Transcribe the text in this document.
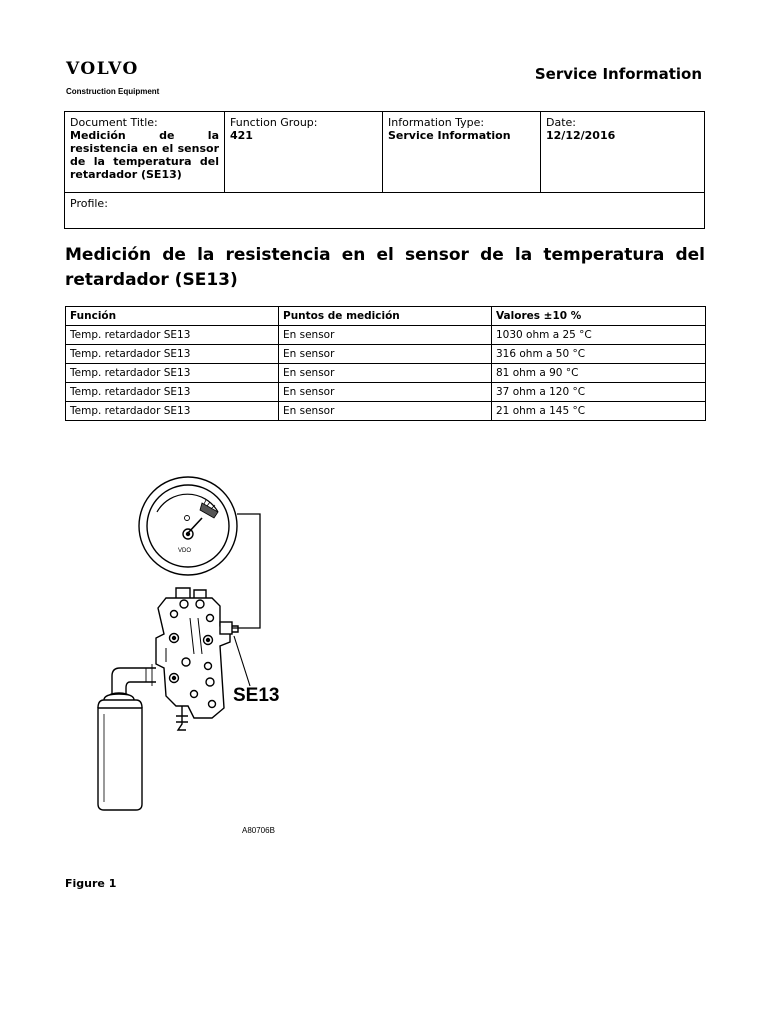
VOLVO
Construction Equipment
Service Information
Document Title:
Medición de la resistencia en el sensor de la temperatura del retardador (SE13)

Function Group:
421

Information Type:
Service Information

Date:
12/12/2016

Profile:
Medición de la resistencia en el sensor de la temperatura del retardador (SE13)
Función	Puntos de medición	Valores ±10 %
Temp. retardador SE13	En sensor	1030 ohm a 25 °C
Temp. retardador SE13	En sensor	316 ohm a 50 °C
Temp. retardador SE13	En sensor	81 ohm a 90 °C
Temp. retardador SE13	En sensor	37 ohm a 120 °C
Temp. retardador SE13	En sensor	21 ohm a 145 °C
VDO
SE13
A80706B
Figure 1
